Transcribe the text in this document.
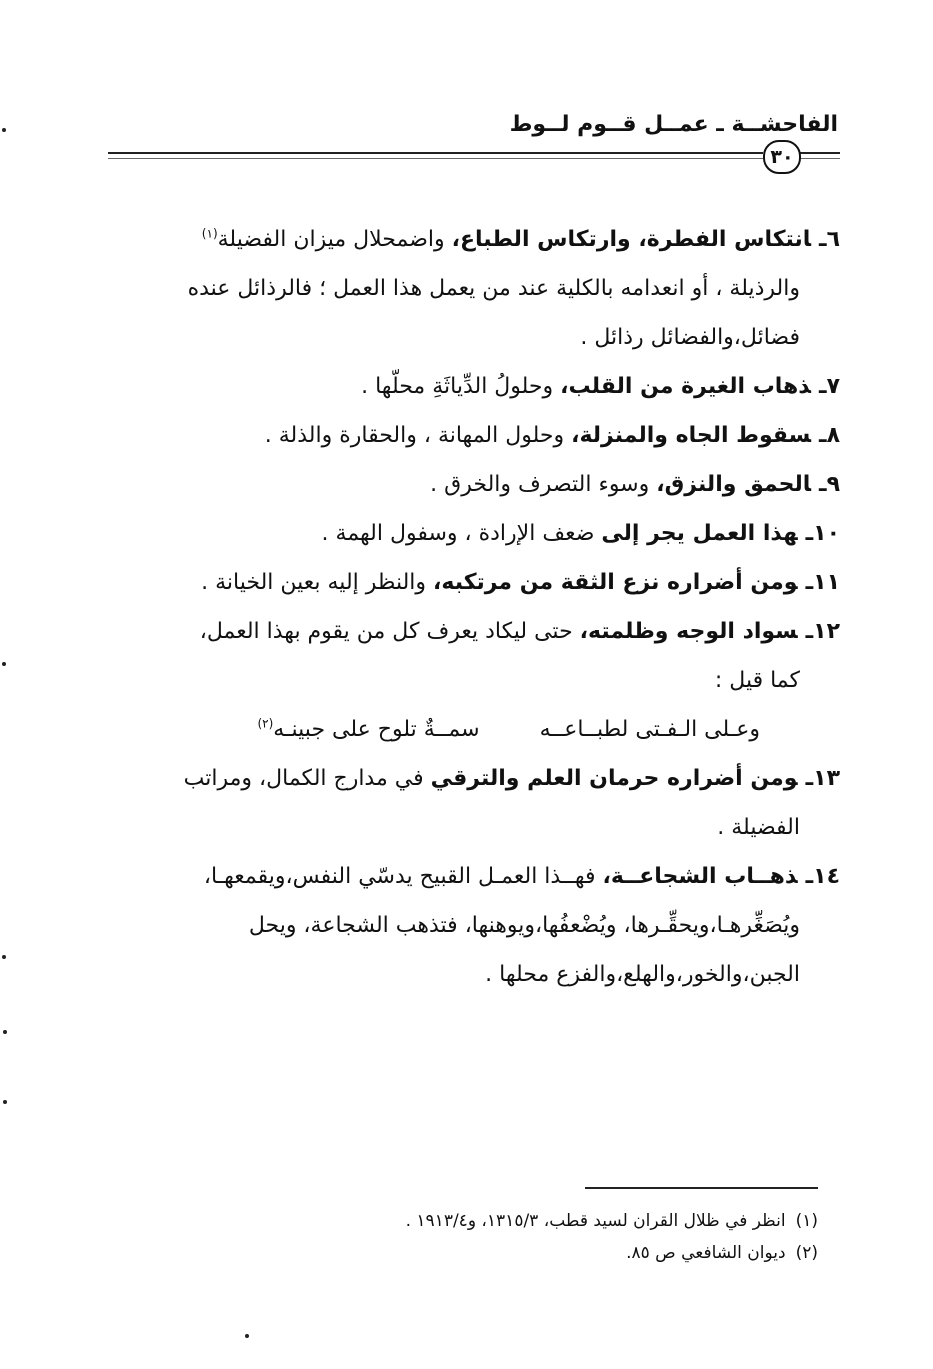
الفاحشــة ـ عمــل قــوم لــوط
٣٠
٦ـانتكاس الفطرة، وارتكاس الطباع، واضمحلال ميزان الفضيلة$^{(١)}$
والرذيلة ، أو انعدامه بالكلية عند من يعمل هذا العمل ؛ فالرذائل عنده
فضائل،والفضائل رذائل .
٧ـذهاب الغيرة من القلب، وحلولُ الدِّياثَةِ محلّها .
٨ـسقوط الجاه والمنزلة، وحلول المهانة ، والحقارة والذلة .
٩ـالحمق والنزق، وسوء التصرف والخرق .
١٠ـهذا العمل يجر إلى ضعف الإرادة ، وسفول الهمة .
١١ـومن أضراره نزع الثقة من مرتكبه، والنظر إليه بعين الخيانة .
١٢ـسواد الوجه وظلمته، حتى ليكاد يعرف كل من يقوم بهذا العمل،
كما قيل :
وعـلى الـفـتى لطبــاعــه
سمــةٌ تلوح على جبينـه$^{(٢)}$
١٣ـومن أضراره حرمان العلم والترقي في مدارج الكمال، ومراتب
الفضيلة .
١٤ـذهــاب الشجاعــة، فهــذا العمـل القبيح يدسّي النفس،ويقمعهـا،
ويُصَغِّرهـا،ويحقِّـرها، ويُضْعفُها،ويوهنها، فتذهب الشجاعة، ويحل
الجبن،والخور،والهلع،والفزع محلها .

(١)انظر في ظلال القران لسيد قطب، ١٣١٥/٣، و١٩١٣/٤ .

(٢)ديوان الشافعي ص ٨٥.
